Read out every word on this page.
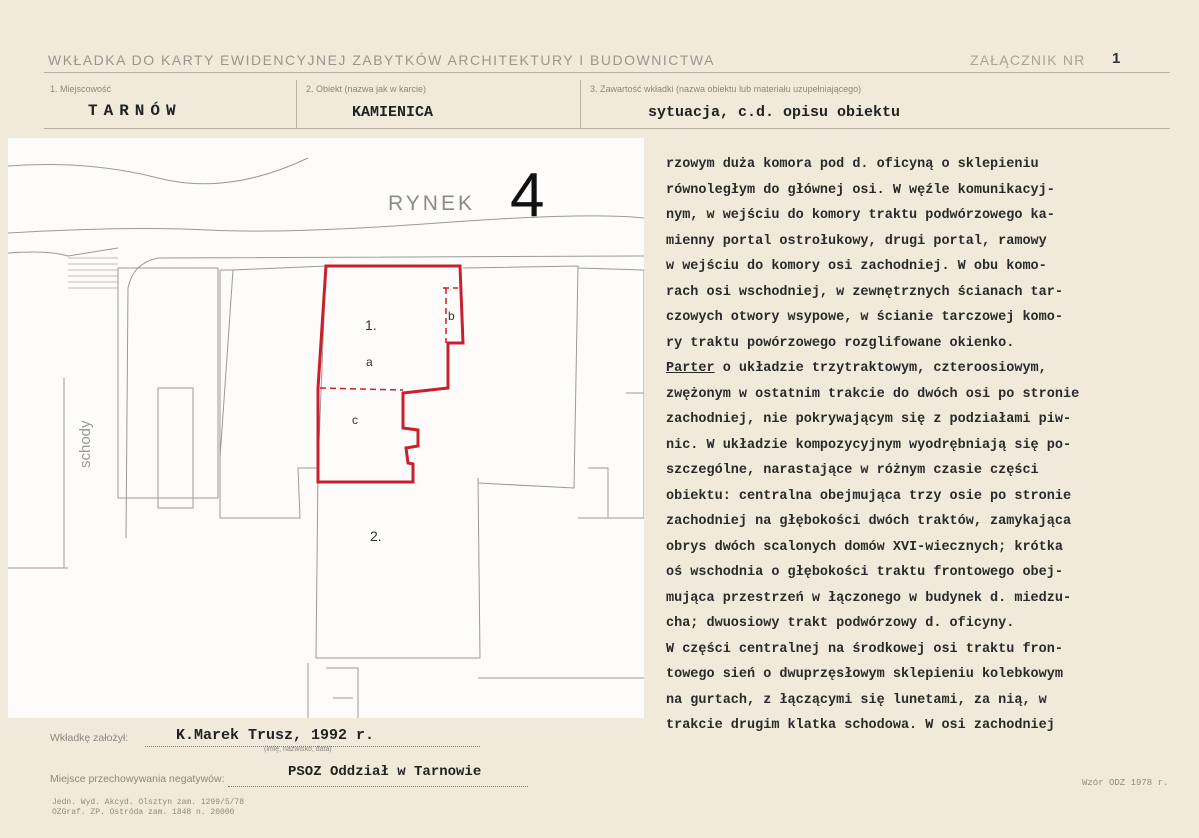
WKŁADKA DO KARTY EWIDENCYJNEJ ZABYTKÓW ARCHITEKTURY I BUDOWNICTWA	ZAŁĄCZNIK NR 1
1. Miejscowość
TARNÓW
2. Obiekt (nazwa jak w karcie)
KAMIENICA
3. Zawartość wkładki (nazwa obiektu lub materiału uzupełniającego)
sytuacja, c.d. opisu obiektu
4
RYNEK
schody
1.
a
b
c
2.
rzowym duża komora pod d. oficyną o sklepieniu
równoległym do głównej osi. W węźle komunikacyj-
nym, w wejściu do komory traktu podwórzowego ka-
mienny portal ostrołukowy, drugi portal, ramowy
w wejściu do komory osi zachodniej. W obu komo-
rach osi wschodniej, w zewnętrznych ścianach tar-
czowych otwory wsypowe, w ścianie tarczowej komo-
ry traktu powórzowego rozglifowane okienko.
Parter o układzie trzytraktowym, czteroosiowym,
zwężonym w ostatnim trakcie do dwóch osi po stronie
zachodniej, nie pokrywającym się z podziałami piw-
nic. W układzie kompozycyjnym wyodrębniają się po-
szczególne, narastające w różnym czasie części
obiektu: centralna obejmująca trzy osie po stronie
zachodniej na głębokości dwóch traktów, zamykająca
obrys dwóch scalonych domów XVI-wiecznych; krótka
oś wschodnia o głębokości traktu frontowego obej-
mująca przestrzeń w łączonego w budynek d. miedzu-
cha; dwuosiowy trakt podwórzowy d. oficyny.
W części centralnej na środkowej osi traktu fron-
towego sień o dwuprzęsłowym sklepieniu kolebkowym
na gurtach, z łączącymi się lunetami, za nią, w
trakcie drugim klatka schodowa. W osi zachodniej
Wkładkę założył:	K.Marek Trusz, 1992 r.
(imię, nazwisko, data)
Miejsce przechowywania negatywów:	PSOZ Oddział w Tarnowie
Jedn. Wyd. Akcyd. Olsztyn zam. 1299/5/78
OZGraf. ZP. Ostróda zam. 1848 n. 20000
Wzór ODZ 1978 r.
